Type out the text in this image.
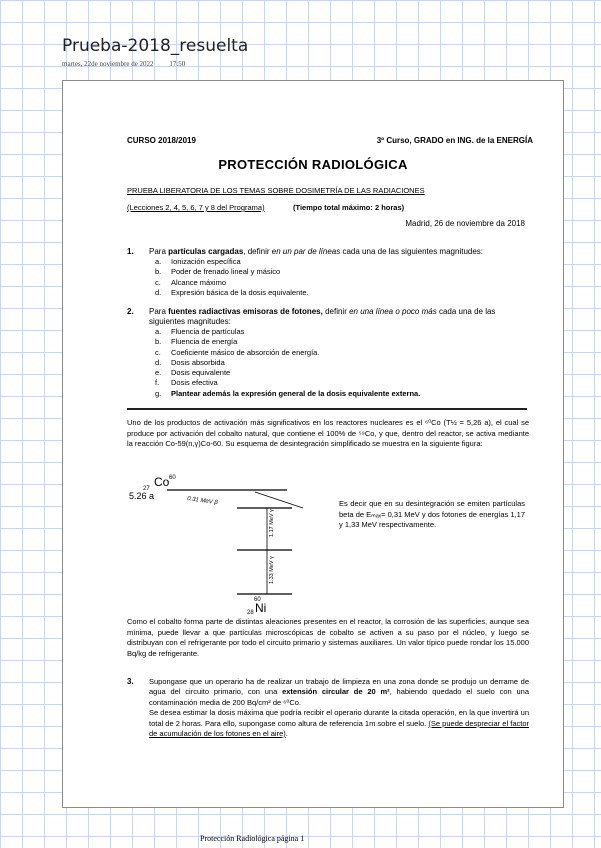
Prueba-2018_resuelta
martes, 22de noviembre de 2022 17:50
CURSO 2018/2019	3º Curso, GRADO en ING. de la ENERGÍA
PROTECCIÓN RADIOLÓGICA
PRUEBA LIBERATORIA DE LOS TEMAS SOBRE DOSIMETRÍA DE LAS RADIACIONES
(Lecciones 2, 4, 5, 6, 7 y 8 del Programa)	(Tiempo total máximo: 2 horas)
Madrid, 26 de noviembre da 2018
1. Para partículas cargadas, definir en un par de líneas cada una de las siguientes magnitudes:
a. Ionización específica
b. Poder de frenado lineal y másico
c. Alcance máximo
d. Expresión básica de la dosis equivalente.
2. Para fuentes radiactivas emisoras de fotones, definir en una línea o poco más cada una de las siguientes magnitudes:
a. Fluencia de partículas
b. Fluencia de energía
c. Coeficiente másico de absorción de energía.
d. Dosis absorbida
e. Dosis equivalente
f. Dosis efectiva
g. Plantear además la expresión general de la dosis equivalente externa.
Uno de los productos de activación más significativos en los reactores nucleares es el ⁶⁰Co (T½ = 5,26 a), el cual se produce por activación del cobalto natural, que contiene el 100% de ⁵⁹Co, y que, dentro del reactor, se activa mediante la reacción Co-59(n,γ)Co-60. Su esquema de desintegración simplificado se muestra en la siguiente figura:
60
Co
27
5.26 a
0.31 MeV β
1.17 MeV γ
1.33 MeV γ
60
Ni
28
Es decir que en su desintegración se emiten partículas beta de Eₘₐₓ= 0,31 MeV y dos fotones de energías 1,17 y 1,33 MeV respectivamente.
Como el cobalto forma parte de distintas aleaciones presentes en el reactor, la corrosión de las superficies, aunque sea mínima, puede llevar a que partículas microscópicas de cobalto se activen a su paso por el núcleo, y luego se distribuyan con el refrigerante por todo el circuito primario y sistemas auxiliares. Un valor típico puede rondar los 15.000 Bq/kg de refrigerante.
3. Supongase que un operario ha de realizar un trabajo de limpieza en una zona donde se produjo un derrame de agua del circuito primario, con una extensión circular de 20 m², habiendo quedado el suelo con una contaminación media de 200 Bq/cm² de ⁶⁰Co.
Se desea estimar la dosis máxima que podría recibir el operario durante la citada operación, en la que invertirá un total de 2 horas. Para ello, supongase como altura de referencia 1m sobre el suelo. (Se puede despreciar el factor de acumulación de los fotones en el aire).
Protección Radiológica página 1
